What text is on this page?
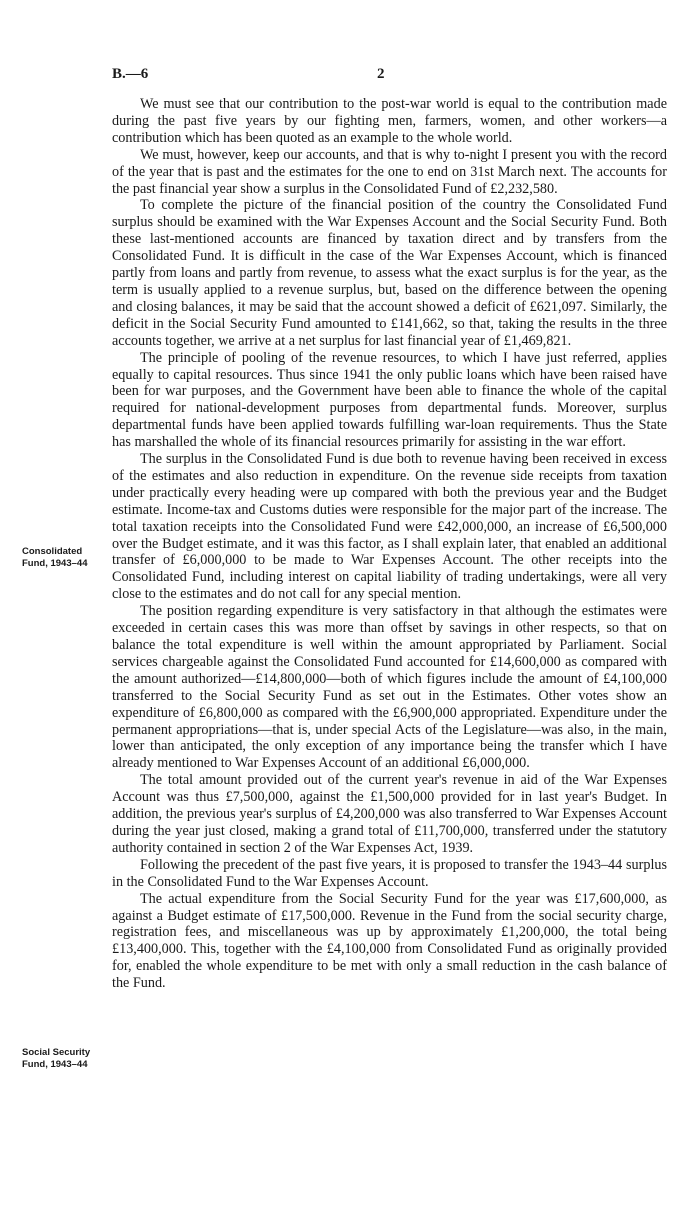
B.—6	2
Consolidated
Fund, 1943–44
Social Security
Fund, 1943–44

We must see that our contribution to the post-war world is equal to the contribution made during the past five years by our fighting men, farmers, women, and other workers—a contribution which has been quoted as an example to the whole world.

We must, however, keep our accounts, and that is why to-night I present you with the record of the year that is past and the estimates for the one to end on 31st March next. The accounts for the past financial year show a surplus in the Consolidated Fund of £2,232,580.

To complete the picture of the financial position of the country the Consolidated Fund surplus should be examined with the War Expenses Account and the Social Security Fund. Both these last-mentioned accounts are financed by taxation direct and by transfers from the Consolidated Fund. It is difficult in the case of the War Expenses Account, which is financed partly from loans and partly from revenue, to assess what the exact surplus is for the year, as the term is usually applied to a revenue surplus, but, based on the difference between the opening and closing balances, it may be said that the account showed a deficit of £621,097. Similarly, the deficit in the Social Security Fund amounted to £141,662, so that, taking the results in the three accounts together, we arrive at a net surplus for last financial year of £1,469,821.

The principle of pooling of the revenue resources, to which I have just referred, applies equally to capital resources. Thus since 1941 the only public loans which have been raised have been for war purposes, and the Government have been able to finance the whole of the capital required for national-development purposes from departmental funds. Moreover, surplus departmental funds have been applied towards fulfilling war-loan requirements. Thus the State has marshalled the whole of its financial resources primarily for assisting in the war effort.

The surplus in the Consolidated Fund is due both to revenue having been received in excess of the estimates and also reduction in expenditure. On the revenue side receipts from taxation under practically every heading were up compared with both the previous year and the Budget estimate. Income-tax and Customs duties were responsible for the major part of the increase. The total taxation receipts into the Consolidated Fund were £42,000,000, an increase of £6,500,000 over the Budget estimate, and it was this factor, as I shall explain later, that enabled an additional transfer of £6,000,000 to be made to War Expenses Account. The other receipts into the Consolidated Fund, including interest on capital liability of trading undertakings, were all very close to the estimates and do not call for any special mention.

The position regarding expenditure is very satisfactory in that although the estimates were exceeded in certain cases this was more than offset by savings in other respects, so that on balance the total expenditure is well within the amount appropriated by Parliament. Social services chargeable against the Consolidated Fund accounted for £14,600,000 as compared with the amount authorized—£14,800,000—both of which figures include the amount of £4,100,000 transferred to the Social Security Fund as set out in the Estimates. Other votes show an expenditure of £6,800,000 as compared with the £6,900,000 appropriated. Expenditure under the permanent appropriations—that is, under special Acts of the Legislature—was also, in the main, lower than anticipated, the only exception of any importance being the transfer which I have already mentioned to War Expenses Account of an additional £6,000,000.

The total amount provided out of the current year's revenue in aid of the War Expenses Account was thus £7,500,000, against the £1,500,000 provided for in last year's Budget. In addition, the previous year's surplus of £4,200,000 was also transferred to War Expenses Account during the year just closed, making a grand total of £11,700,000, transferred under the statutory authority contained in section 2 of the War Expenses Act, 1939.

Following the precedent of the past five years, it is proposed to transfer the 1943–44 surplus in the Consolidated Fund to the War Expenses Account.

The actual expenditure from the Social Security Fund for the year was £17,600,000, as against a Budget estimate of £17,500,000. Revenue in the Fund from the social security charge, registration fees, and miscellaneous was up by approximately £1,200,000, the total being £13,400,000. This, together with the £4,100,000 from Consolidated Fund as originally provided for, enabled the whole expenditure to be met with only a small reduction in the cash balance of the Fund.
